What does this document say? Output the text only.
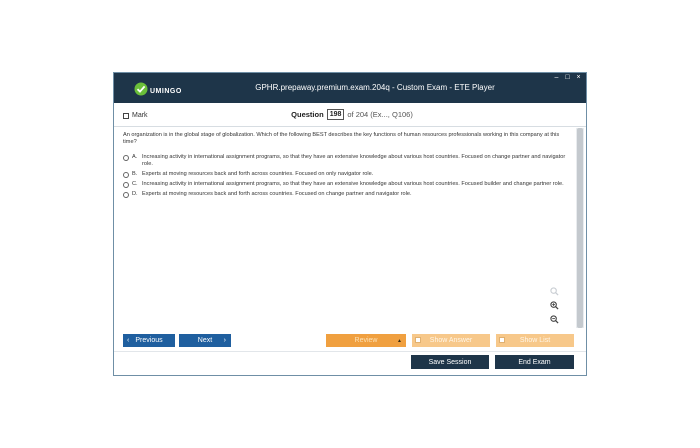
UMINGO	GPHR.prepaway.premium.exam.204q - Custom Exam - ETE Player
– □ ×
Mark	Question 198 of 204 (Ex..., Q106)
An organization is in the global stage of globalization. Which of the following BEST describes the key functions of human resources professionals working in this company at this time?
A. Increasing activity in international assignment programs, so that they have an extensive knowledge about various host countries. Focused on change partner and navigator role.
B. Experts at moving resources back and forth across countries. Focused on only navigator role.
C. Increasing activity in international assignment programs, so that they have an extensive knowledge about various host countries. Focused builder and change partner role.
D. Experts at moving resources back and forth across countries. Focused on change partner and navigator role.
‹ Previous	Next ›	Review	▲	Show Answer	Show List
Save Session	End Exam
